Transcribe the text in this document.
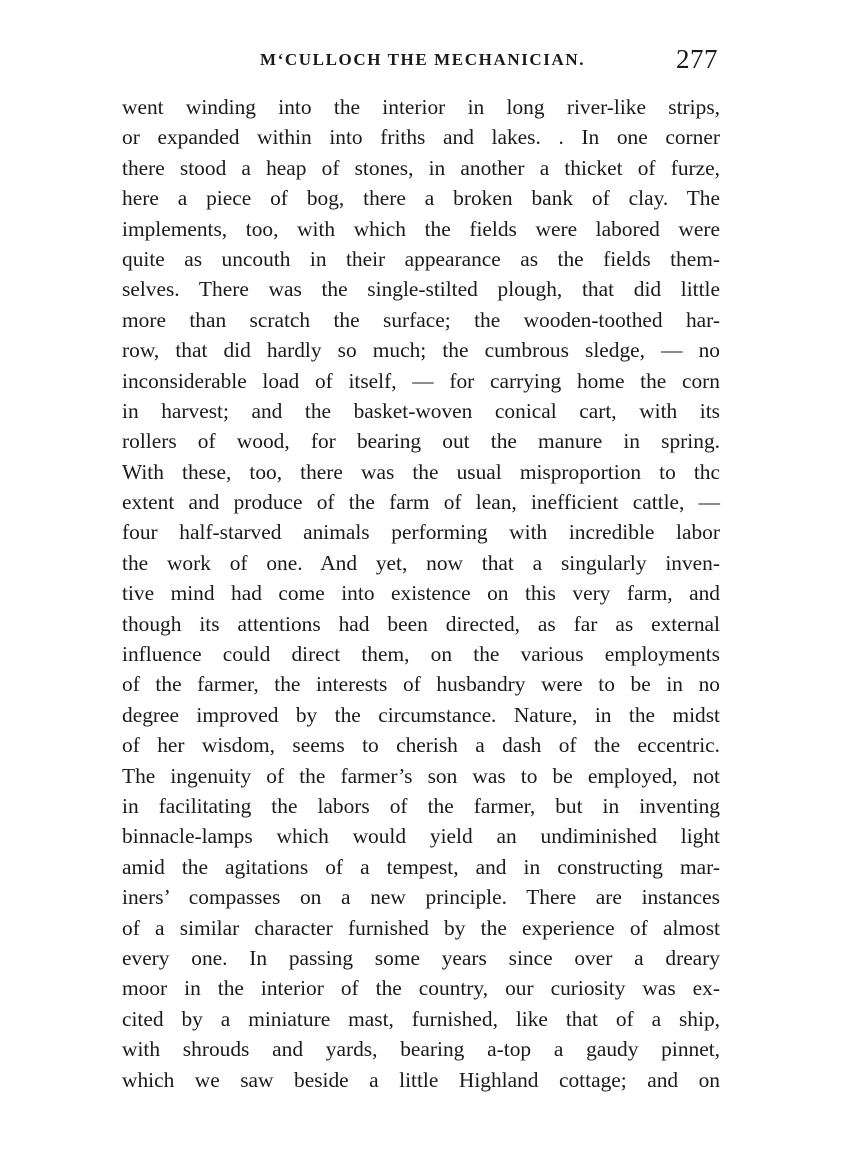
M‘CULLOCH THE MECHANICIAN.	277
went winding into the interior in long river-like strips,
or expanded within into friths and lakes. . In one corner
there stood a heap of stones, in another a thicket of furze,
here a piece of bog, there a broken bank of clay. The
implements, too, with which the fields were labored were
quite as uncouth in their appearance as the fields them-
selves. There was the single-stilted plough, that did little
more than scratch the surface; the wooden-toothed har-
row, that did hardly so much; the cumbrous sledge, — no
inconsiderable load of itself, — for carrying home the corn
in harvest; and the basket-woven conical cart, with its
rollers of wood, for bearing out the manure in spring.
With these, too, there was the usual misproportion to thc
extent and produce of the farm of lean, inefficient cattle, —
four half-starved animals performing with incredible labor
the work of one. And yet, now that a singularly inven-
tive mind had come into existence on this very farm, and
though its attentions had been directed, as far as external
influence could direct them, on the various employments
of the farmer, the interests of husbandry were to be in no
degree improved by the circumstance. Nature, in the midst
of her wisdom, seems to cherish a dash of the eccentric.
The ingenuity of the farmer’s son was to be employed, not
in facilitating the labors of the farmer, but in inventing
binnacle-lamps which would yield an undiminished light
amid the agitations of a tempest, and in constructing mar-
iners’ compasses on a new principle. There are instances
of a similar character furnished by the experience of almost
every one. In passing some years since over a dreary
moor in the interior of the country, our curiosity was ex-
cited by a miniature mast, furnished, like that of a ship,
with shrouds and yards, bearing a-top a gaudy pinnet,
which we saw beside a little Highland cottage; and on
